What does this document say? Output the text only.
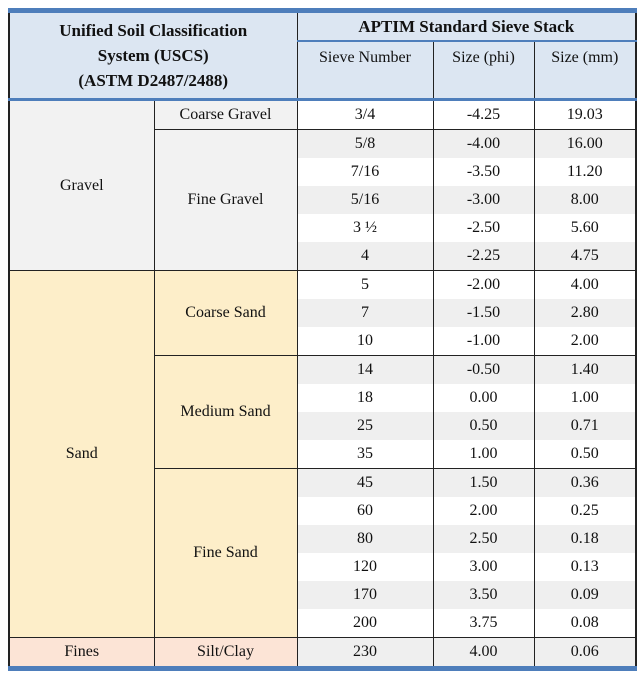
Unified Soil Classification
System (USCS)
(ASTM D2487/2488)		APTIM Standard Sieve Stack		
		Sieve Number	Size (phi)	Size (mm)
Gravel	Coarse Gravel	3/4	-4.25	19.03
	Fine Gravel	5/8	-4.00	16.00
		7/16	-3.50	11.20
		5/16	-3.00	8.00
		3 ½	-2.50	5.60
		4	-2.25	4.75
Sand	Coarse Sand	5	-2.00	4.00
		7	-1.50	2.80
		10	-1.00	2.00
	Medium Sand	14	-0.50	1.40
		18	0.00	1.00
		25	0.50	0.71
		35	1.00	0.50
	Fine Sand	45	1.50	0.36
		60	2.00	0.25
		80	2.50	0.18
		120	3.00	0.13
		170	3.50	0.09
		200	3.75	0.08
Fines	Silt/Clay	230	4.00	0.06
